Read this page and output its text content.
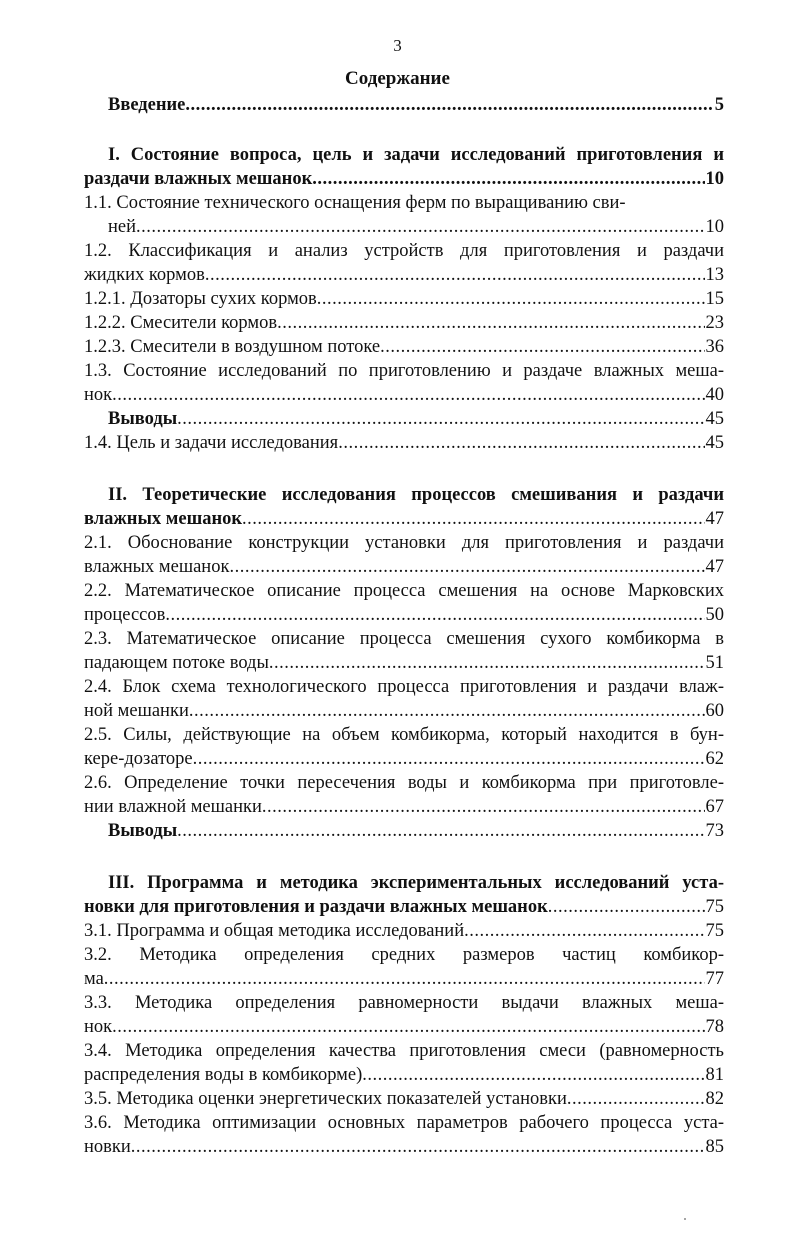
3
Содержание
Введение .....	5
I. Состояние вопроса, цель и задачи исследований приготовления и
раздачи влажных мешанок .....	10
1.1. Состояние технического оснащения ферм по выращиванию сви-
ней .....	10
1.2. Классификация и анализ устройств для приготовления и раздачи
жидких кормов .....	13
1.2.1. Дозаторы сухих кормов .....	15
1.2.2. Смесители кормов .....	23
1.2.3. Смесители в воздушном потоке .....	36
1.3. Состояние исследований по приготовлению и раздаче влажных меша-
нок .....	40
Выводы .....	45
1.4. Цель и задачи исследования .....	45
II. Теоретические исследования процессов смешивания и раздачи
влажных мешанок .....	47
2.1. Обоснование конструкции установки для приготовления и раздачи
влажных мешанок .....	47
2.2. Математическое описание процесса смешения на основе Марковских
процессов .....	50
2.3. Математическое описание процесса смешения сухого комбикорма в
падающем потоке воды .....	51
2.4. Блок схема технологического процесса приготовления и раздачи влаж-
ной мешанки .....	60
2.5. Силы, действующие на объем комбикорма, который находится в бун-
кере-дозаторе .....	62
2.6. Определение точки пересечения воды и комбикорма при приготовле-
нии влажной мешанки .....	67
Выводы .....	73
III. Программа и методика экспериментальных исследований уста-
новки для приготовления и раздачи влажных мешанок .....	75
3.1. Программа и общая методика исследований .....	75
3.2. Методика определения средних размеров частиц комбикор-
ма .....	77
3.3. Методика определения равномерности выдачи влажных меша-
нок .....	78
3.4. Методика определения качества приготовления смеси (равномерность
распределения воды в комбикорме) .....	81
3.5. Методика оценки энергетических показателей установки .....	82
3.6. Методика оптимизации основных параметров рабочего процесса уста-
новки .....	85
